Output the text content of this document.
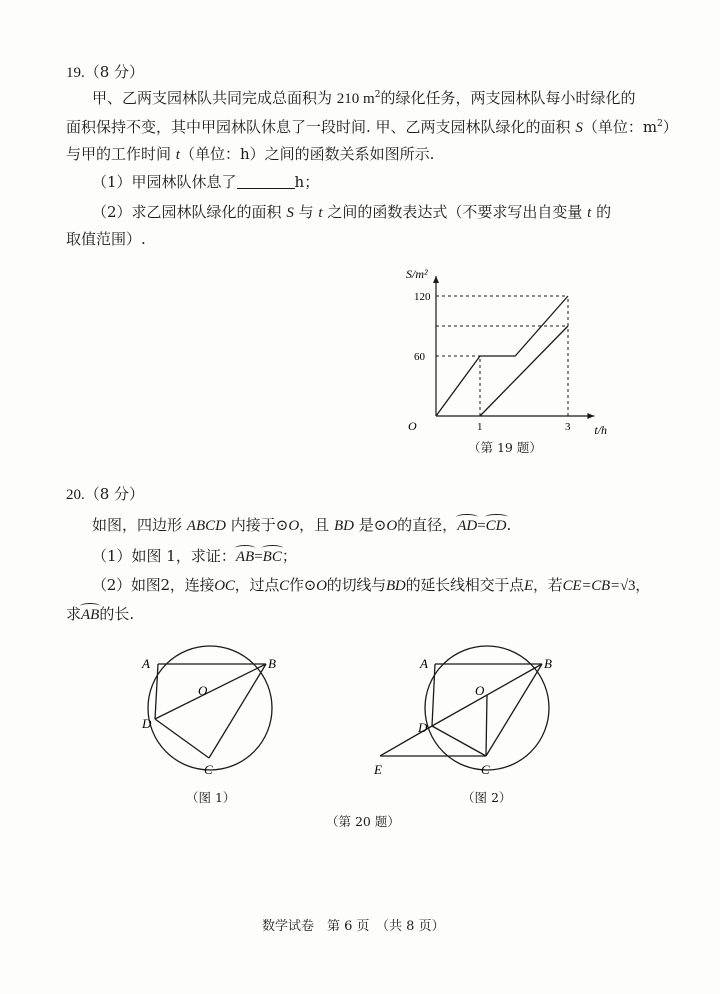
19.（8 分）
甲、乙两支园林队共同完成总面积为 210 $m^2$的绿化任务，两支园林队每小时绿化的
面积保持不变，其中甲园林队休息了一段时间. 甲、乙两支园林队绿化的面积 S（单位：$m^2$）
与甲的工作时间 t（单位：h）之间的函数关系如图所示.
（1）甲园林队休息了	h；
（2）求乙园林队绿化的面积 S 与 t 之间的函数表达式（不要求写出自变量 t 的
取值范围）.
1	3
60
120
O	t/h
S/m²
（第 19 题）
20.（8 分）
如图，四边形 ABCD 内接于⊙O，且 BD 是⊙O的直径，AD=CD.
（1）如图 1，求证：AB=BC；
（2）如图2，连接OC，过点C作⊙O的切线与BD的延长线相交于点E，若CE=CB=√3，
求AB的长.
A	B
O
D
C
（图 1）
A	B
O
D
E	C
（图 2）
（第 20 题）
数学试卷　第 6 页　（共 8 页）
